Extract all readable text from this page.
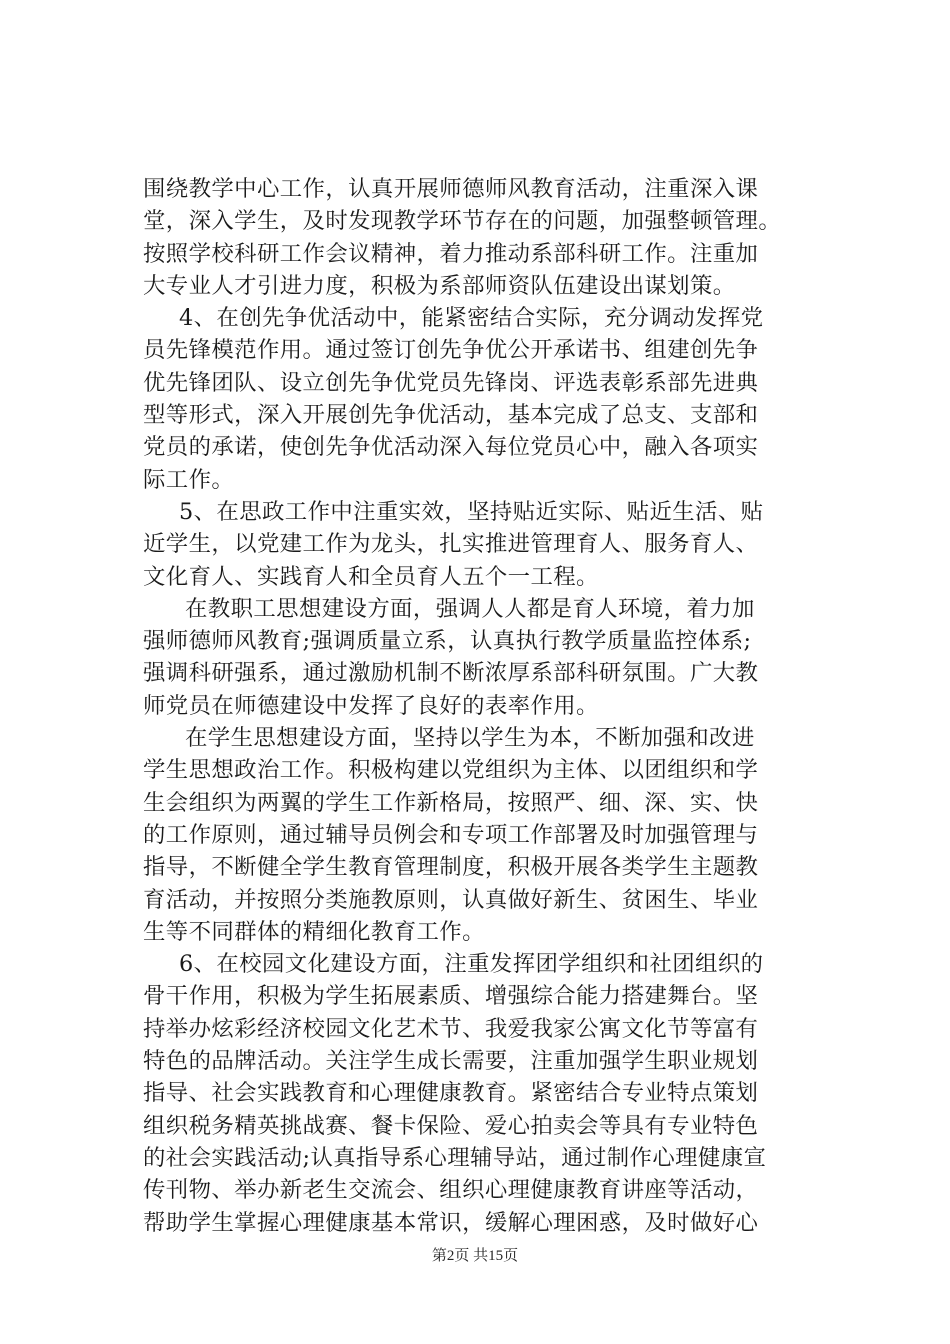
围绕教学中心工作，认真开展师德师风教育活动，注重深入课
堂，深入学生，及时发现教学环节存在的问题，加强整顿管理。
按照学校科研工作会议精神，着力推动系部科研工作。注重加
大专业人才引进力度，积极为系部师资队伍建设出谋划策。
4、在创先争优活动中，能紧密结合实际，充分调动发挥党
员先锋模范作用。通过签订创先争优公开承诺书、组建创先争
优先锋团队、设立创先争优党员先锋岗、评选表彰系部先进典
型等形式，深入开展创先争优活动，基本完成了总支、支部和
党员的承诺，使创先争优活动深入每位党员心中，融入各项实
际工作。
5、在思政工作中注重实效，坚持贴近实际、贴近生活、贴
近学生，以党建工作为龙头，扎实推进管理育人、服务育人、
文化育人、实践育人和全员育人五个一工程。
在教职工思想建设方面，强调人人都是育人环境，着力加
强师德师风教育;强调质量立系，认真执行教学质量监控体系;
强调科研强系，通过激励机制不断浓厚系部科研氛围。广大教
师党员在师德建设中发挥了良好的表率作用。
在学生思想建设方面，坚持以学生为本，不断加强和改进
学生思想政治工作。积极构建以党组织为主体、以团组织和学
生会组织为两翼的学生工作新格局，按照严、细、深、实、快
的工作原则，通过辅导员例会和专项工作部署及时加强管理与
指导，不断健全学生教育管理制度，积极开展各类学生主题教
育活动，并按照分类施教原则，认真做好新生、贫困生、毕业
生等不同群体的精细化教育工作。
6、在校园文化建设方面，注重发挥团学组织和社团组织的
骨干作用，积极为学生拓展素质、增强综合能力搭建舞台。坚
持举办炫彩经济校园文化艺术节、我爱我家公寓文化节等富有
特色的品牌活动。关注学生成长需要，注重加强学生职业规划
指导、社会实践教育和心理健康教育。紧密结合专业特点策划
组织税务精英挑战赛、餐卡保险、爱心拍卖会等具有专业特色
的社会实践活动;认真指导系心理辅导站，通过制作心理健康宣
传刊物、举办新老生交流会、组织心理健康教育讲座等活动，
帮助学生掌握心理健康基本常识，缓解心理困惑，及时做好心
第2页 共15页
